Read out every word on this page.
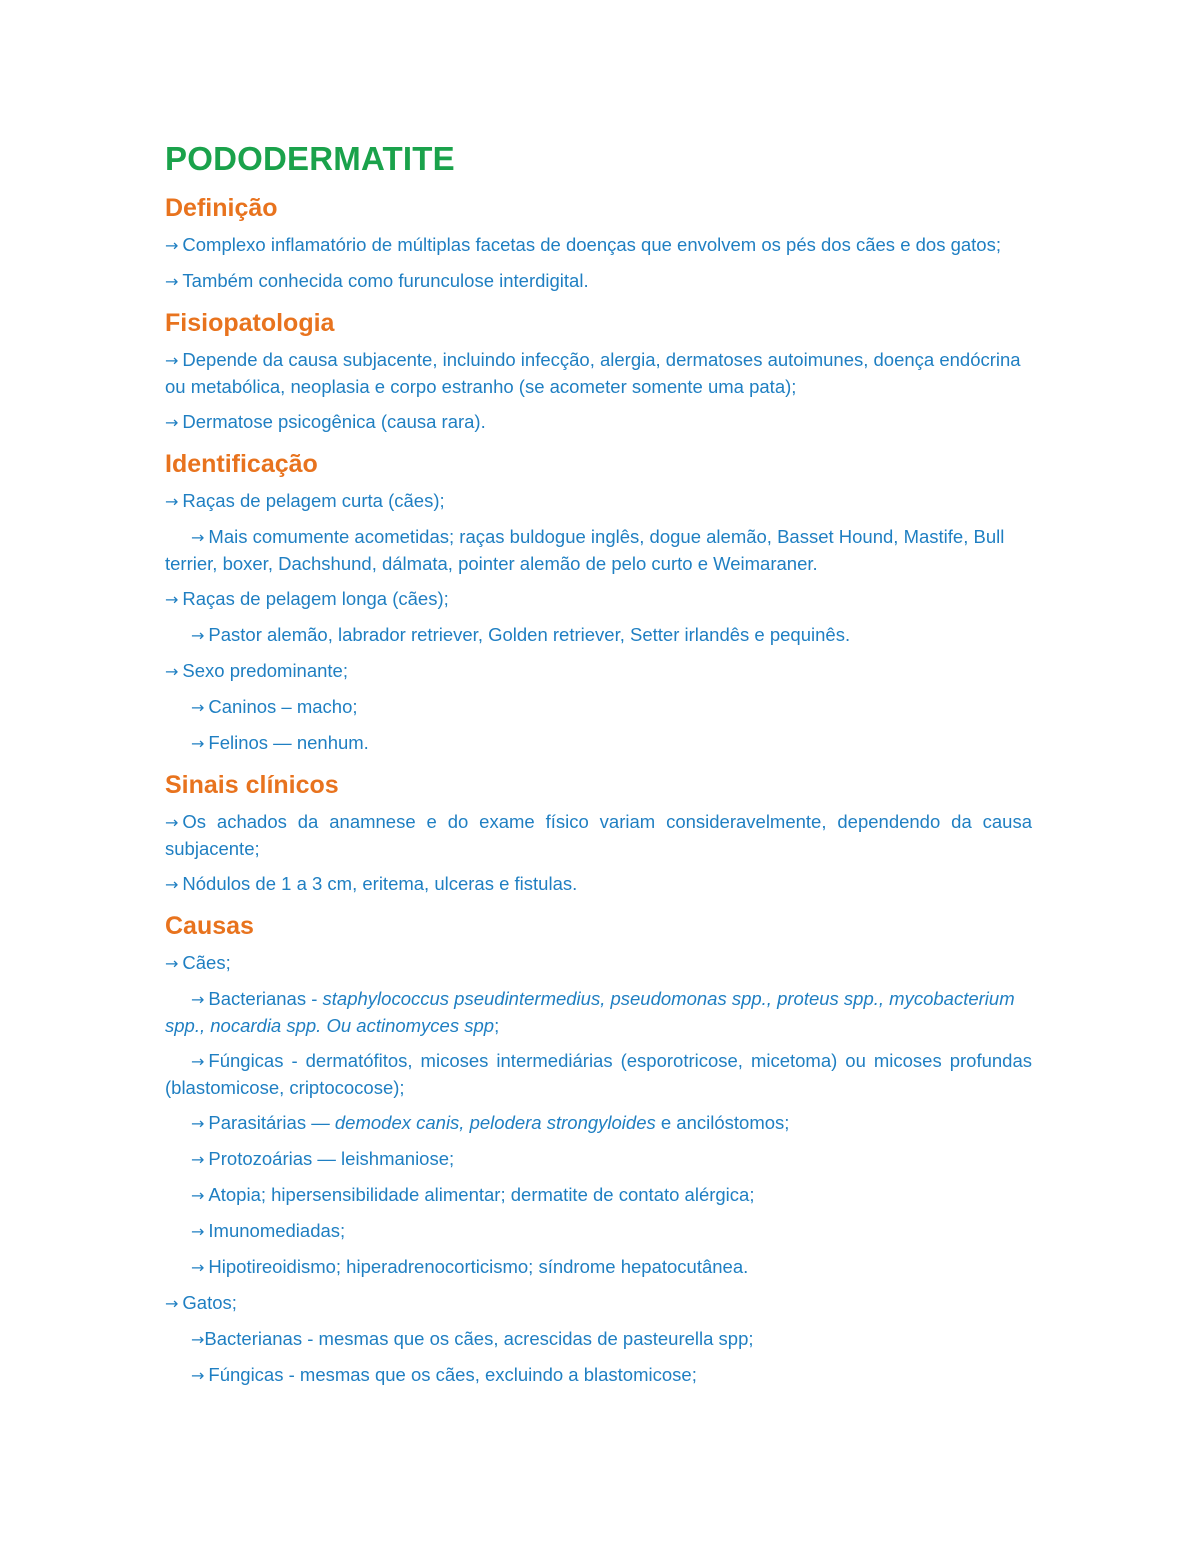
PODODERMATITE
Definição

→ Complexo inflamatório de múltiplas facetas de doenças que envolvem os pés dos cães e dos gatos;

→ Também conhecida como furunculose interdigital.

Fisiopatologia

→ Depende da causa subjacente, incluindo infecção, alergia, dermatoses autoimunes, doença endócrina ou metabólica, neoplasia e corpo estranho (se acometer somente uma pata);

→ Dermatose psicogênica (causa rara).

Identificação

→ Raças de pelagem curta (cães);

→ Mais comumente acometidas; raças buldogue inglês, dogue alemão, Basset Hound, Mastife, Bull terrier, boxer, Dachshund, dálmata, pointer alemão de pelo curto e Weimaraner.

→ Raças de pelagem longa (cães);

→ Pastor alemão, labrador retriever, Golden retriever, Setter irlandês e pequinês.

→ Sexo predominante;

→ Caninos – macho;

→ Felinos — nenhum.

Sinais clínicos

→ Os achados da anamnese e do exame físico variam consideravelmente, dependendo da causa subjacente;

→ Nódulos de 1 a 3 cm, eritema, ulceras e fistulas.

Causas

→ Cães;

→ Bacterianas - staphylococcus pseudintermedius, pseudomonas spp., proteus spp., mycobacterium spp., nocardia spp. Ou actinomyces spp;

→ Fúngicas - dermatófitos, micoses intermediárias (esporotricose, micetoma) ou micoses profundas (blastomicose, criptococose);

→ Parasitárias — demodex canis, pelodera strongyloides e ancilóstomos;

→ Protozoárias — leishmaniose;

→ Atopia; hipersensibilidade alimentar; dermatite de contato alérgica;

→ Imunomediadas;

→ Hipotireoidismo; hiperadrenocorticismo; síndrome hepatocutânea.

→ Gatos;

→Bacterianas - mesmas que os cães, acrescidas de pasteurella spp;

→ Fúngicas - mesmas que os cães, excluindo a blastomicose;
